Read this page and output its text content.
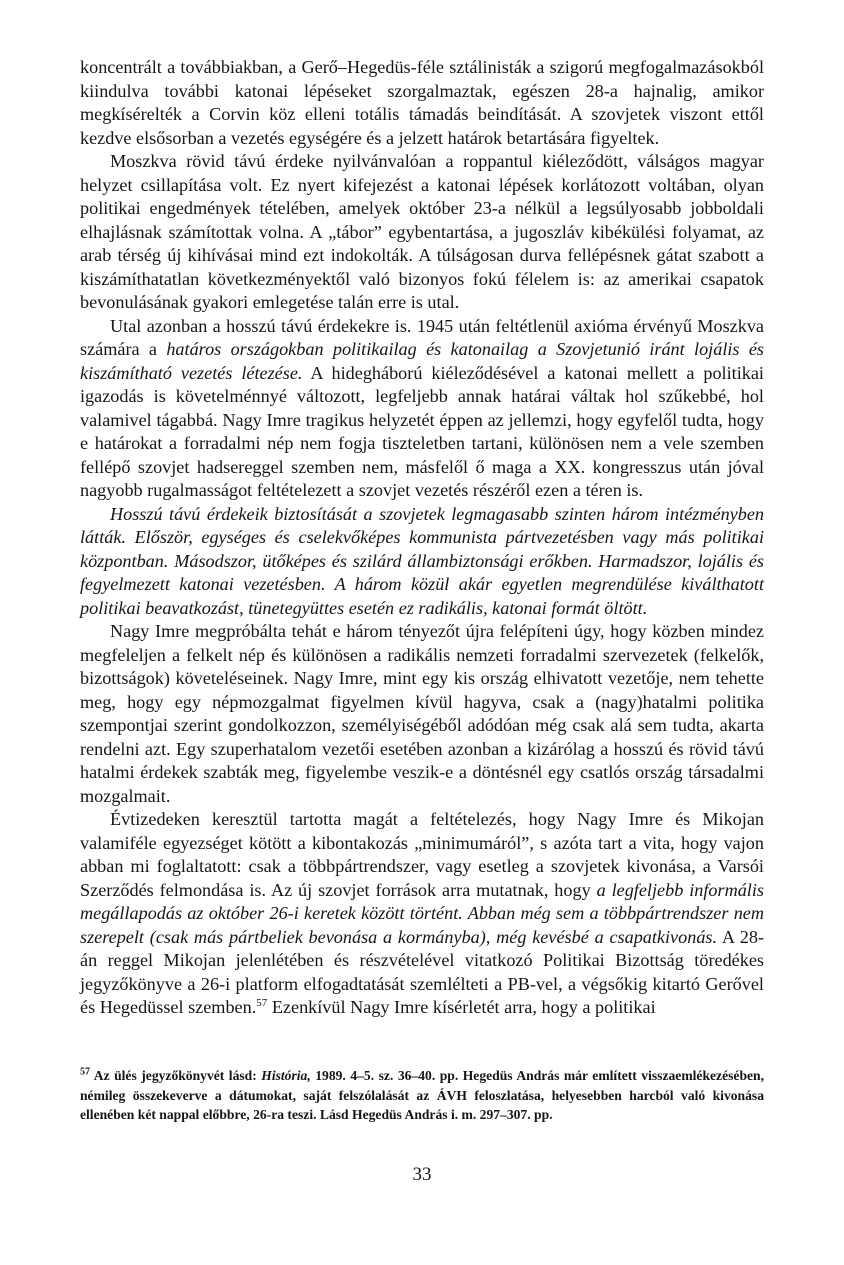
koncentrált a továbbiakban, a Gerő–Hegedüs-féle sztálinisták a szigorú megfogalmazásokból kiindulva további katonai lépéseket szorgalmaztak, egészen 28-a hajnalig, amikor megkísérelték a Corvin köz elleni totális támadás beindítását. A szovjetek viszont ettől kezdve elsősorban a vezetés egységére és a jelzett határok betartására figyeltek.

Moszkva rövid távú érdeke nyilvánvalóan a roppantul kiéleződött, válságos magyar helyzet csillapítása volt. Ez nyert kifejezést a katonai lépések korlátozott voltában, olyan politikai engedmények tételében, amelyek október 23-a nélkül a legsúlyosabb jobboldali elhajlásnak számítottak volna. A „tábor” egybentartása, a jugoszláv kibékülési folyamat, az arab térség új kihívásai mind ezt indokolták. A túlságosan durva fellépésnek gátat szabott a kiszámíthatatlan következményektől való bizonyos fokú félelem is: az amerikai csapatok bevonulásának gyakori emlegetése talán erre is utal.

Utal azonban a hosszú távú érdekekre is. 1945 után feltétlenül axióma érvényű Moszkva számára a határos országokban politikailag és katonailag a Szovjetunió iránt lojális és kiszámítható vezetés létezése. A hidegháború kiéleződésével a katonai mellett a politikai igazodás is követelménnyé változott, legfeljebb annak határai váltak hol szűkebbé, hol valamivel tágabbá. Nagy Imre tragikus helyzetét éppen az jellemzi, hogy egyfelől tudta, hogy e határokat a forradalmi nép nem fogja tiszteletben tartani, különösen nem a vele szemben fellépő szovjet hadsereggel szemben nem, másfelől ő maga a XX. kongresszus után jóval nagyobb rugalmasságot feltételezett a szovjet vezetés részéről ezen a téren is.

Hosszú távú érdekeik biztosítását a szovjetek legmagasabb szinten három intézményben látták. Először, egységes és cselekvőképes kommunista pártvezetésben vagy más politikai központban. Másodszor, ütőképes és szilárd állambiztonsági erőkben. Harmadszor, lojális és fegyelmezett katonai vezetésben. A három közül akár egyetlen megrendülése kiválthatott politikai beavatkozást, tünetegyüttes esetén ez radikális, katonai formát öltött.

Nagy Imre megpróbálta tehát e három tényezőt újra felépíteni úgy, hogy közben mindez megfeleljen a felkelt nép és különösen a radikális nemzeti forradalmi szervezetek (felkelők, bizottságok) követeléseinek. Nagy Imre, mint egy kis ország elhivatott vezetője, nem tehette meg, hogy egy népmozgalmat figyelmen kívül hagyva, csak a (nagy)hatalmi politika szempontjai szerint gondolkozzon, személyiségéből adódóan még csak alá sem tudta, akarta rendelni azt. Egy szuperhatalom vezetői esetében azonban a kizárólag a hosszú és rövid távú hatalmi érdekek szabták meg, figyelembe veszik-e a döntésnél egy csatlós ország társadalmi mozgalmait.

Évtizedeken keresztül tartotta magát a feltételezés, hogy Nagy Imre és Mikojan valamiféle egyezséget kötött a kibontakozás „minimumáról”, s azóta tart a vita, hogy vajon abban mi foglaltatott: csak a többpártrendszer, vagy esetleg a szovjetek kivonása, a Varsói Szerződés felmondása is. Az új szovjet források arra mutatnak, hogy a legfeljebb informális megállapodás az október 26-i keretek között történt. Abban még sem a többpártrendszer nem szerepelt (csak más pártbeliek bevonása a kormányba), még kevésbé a csapatkivonás. A 28-án reggel Mikojan jelenlétében és részvételével vitatkozó Politikai Bizottság töredékes jegyzőkönyve a 26-i platform elfogadtatását szemlélteti a PB-vel, a végsőkig kitartó Gerővel és Hegedüssel szemben.$^{57}$ Ezenkívül Nagy Imre kísérletét arra, hogy a politikai

$^{57}$ Az ülés jegyzőkönyvét lásd: História, 1989. 4–5. sz. 36–40. pp. Hegedüs András már említett visszaemlékezésében, némileg összekeverve a dátumokat, saját felszólalását az ÁVH feloszlatása, helyesebben harcból való kivonása ellenében két nappal előbbre, 26-ra teszi. Lásd Hegedüs András i. m. 297–307. pp.

33
